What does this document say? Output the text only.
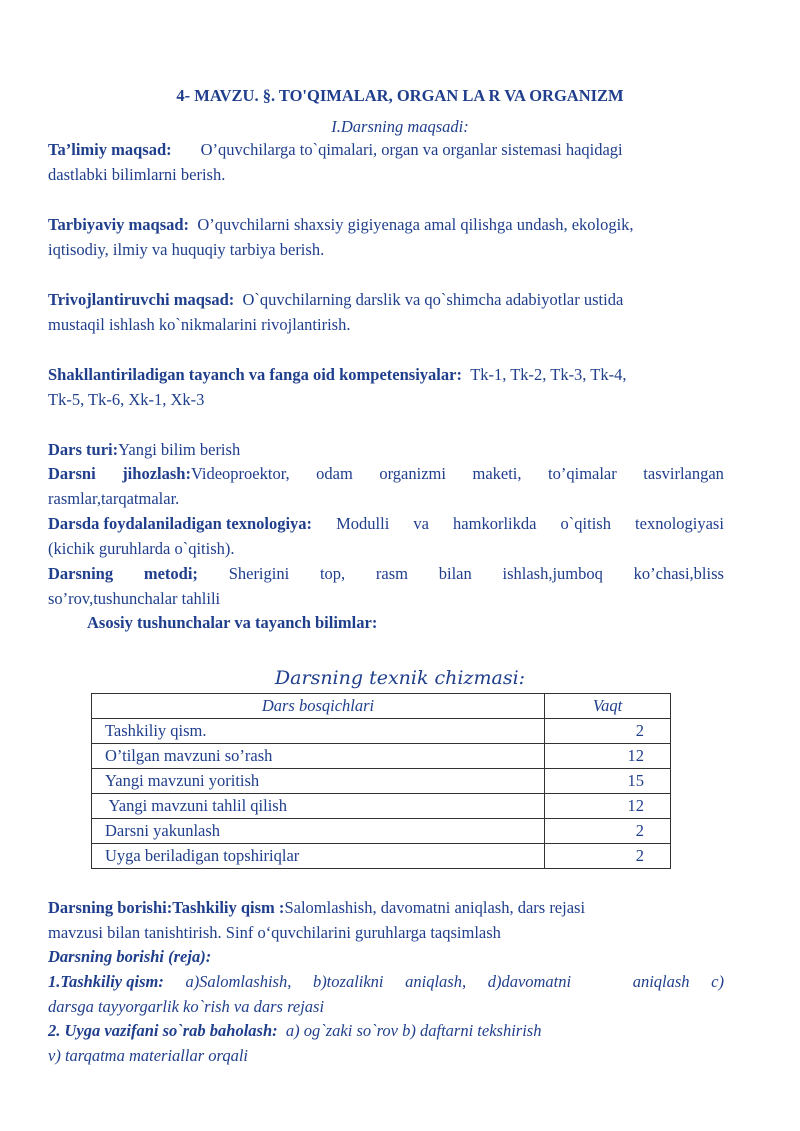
4- MAVZU. §. TO'QIMALAR, ORGAN LA R VA ORGANIZM
I.Darsning maqsadi:
Ta’limiy maqsad: O’quvchilarga to`qimalari, organ va organlar sistemasi haqidagi
dastlabki bilimlarni berish.
Tarbiyaviy maqsad: O’quvchilarni shaxsiy gigiyenaga amal qilishga undash, ekologik,
iqtisodiy, ilmiy va huquqiy tarbiya berish.
Trivojlantiruvchi maqsad: O`quvchilarning darslik va qo`shimcha adabiyotlar ustida
mustaqil ishlash ko`nikmalarini rivojlantirish.
Shakllantiriladigan tayanch va fanga oid kompetensiyalar: Tk-1, Tk-2, Tk-3, Tk-4,
Tk-5, Tk-6, Xk-1, Xk-3
Dars turi:Yangi bilim berish
Darsni jihozlash:Videoproektor, odam organizmi maketi, to’qimalar tasvirlangan
rasmlar,tarqatmalar.
Darsda foydalaniladigan texnologiya: Modulli va hamkorlikda o`qitish texnologiyasi
(kichik guruhlarda o`qitish).
Darsning metodi; Sherigini top, rasm bilan ishlash,jumboq ko’chasi,bliss
so’rov,tushunchalar tahlili
Asosiy tushunchalar va tayanch bilimlar:
Darsning texnik chizmasi:
Dars bosqichlari	Vaqt
Tashkiliy qism.	2
O’tilgan mavzuni so’rash	12
Yangi mavzuni yoritish	15
Yangi mavzuni tahlil qilish	12
Darsni yakunlash	2
Uyga beriladigan topshiriqlar	2
Darsning borishi:Tashkiliy qism :Salomlashish, davomatni aniqlash, dars rejasi
mavzusi bilan tanishtirish. Sinf o‘quvchilarini guruhlarga taqsimlash
Darsning borishi (reja):
1.Tashkiliy qism: a)Salomlashish, b)tozalikni aniqlash, d)davomatni	aniqlash c)
darsga tayyorgarlik ko`rish va dars rejasi
2. Uyga vazifani so`rab baholash: a) og`zaki so`rov b) daftarni tekshirish
v) tarqatma materiallar orqali
